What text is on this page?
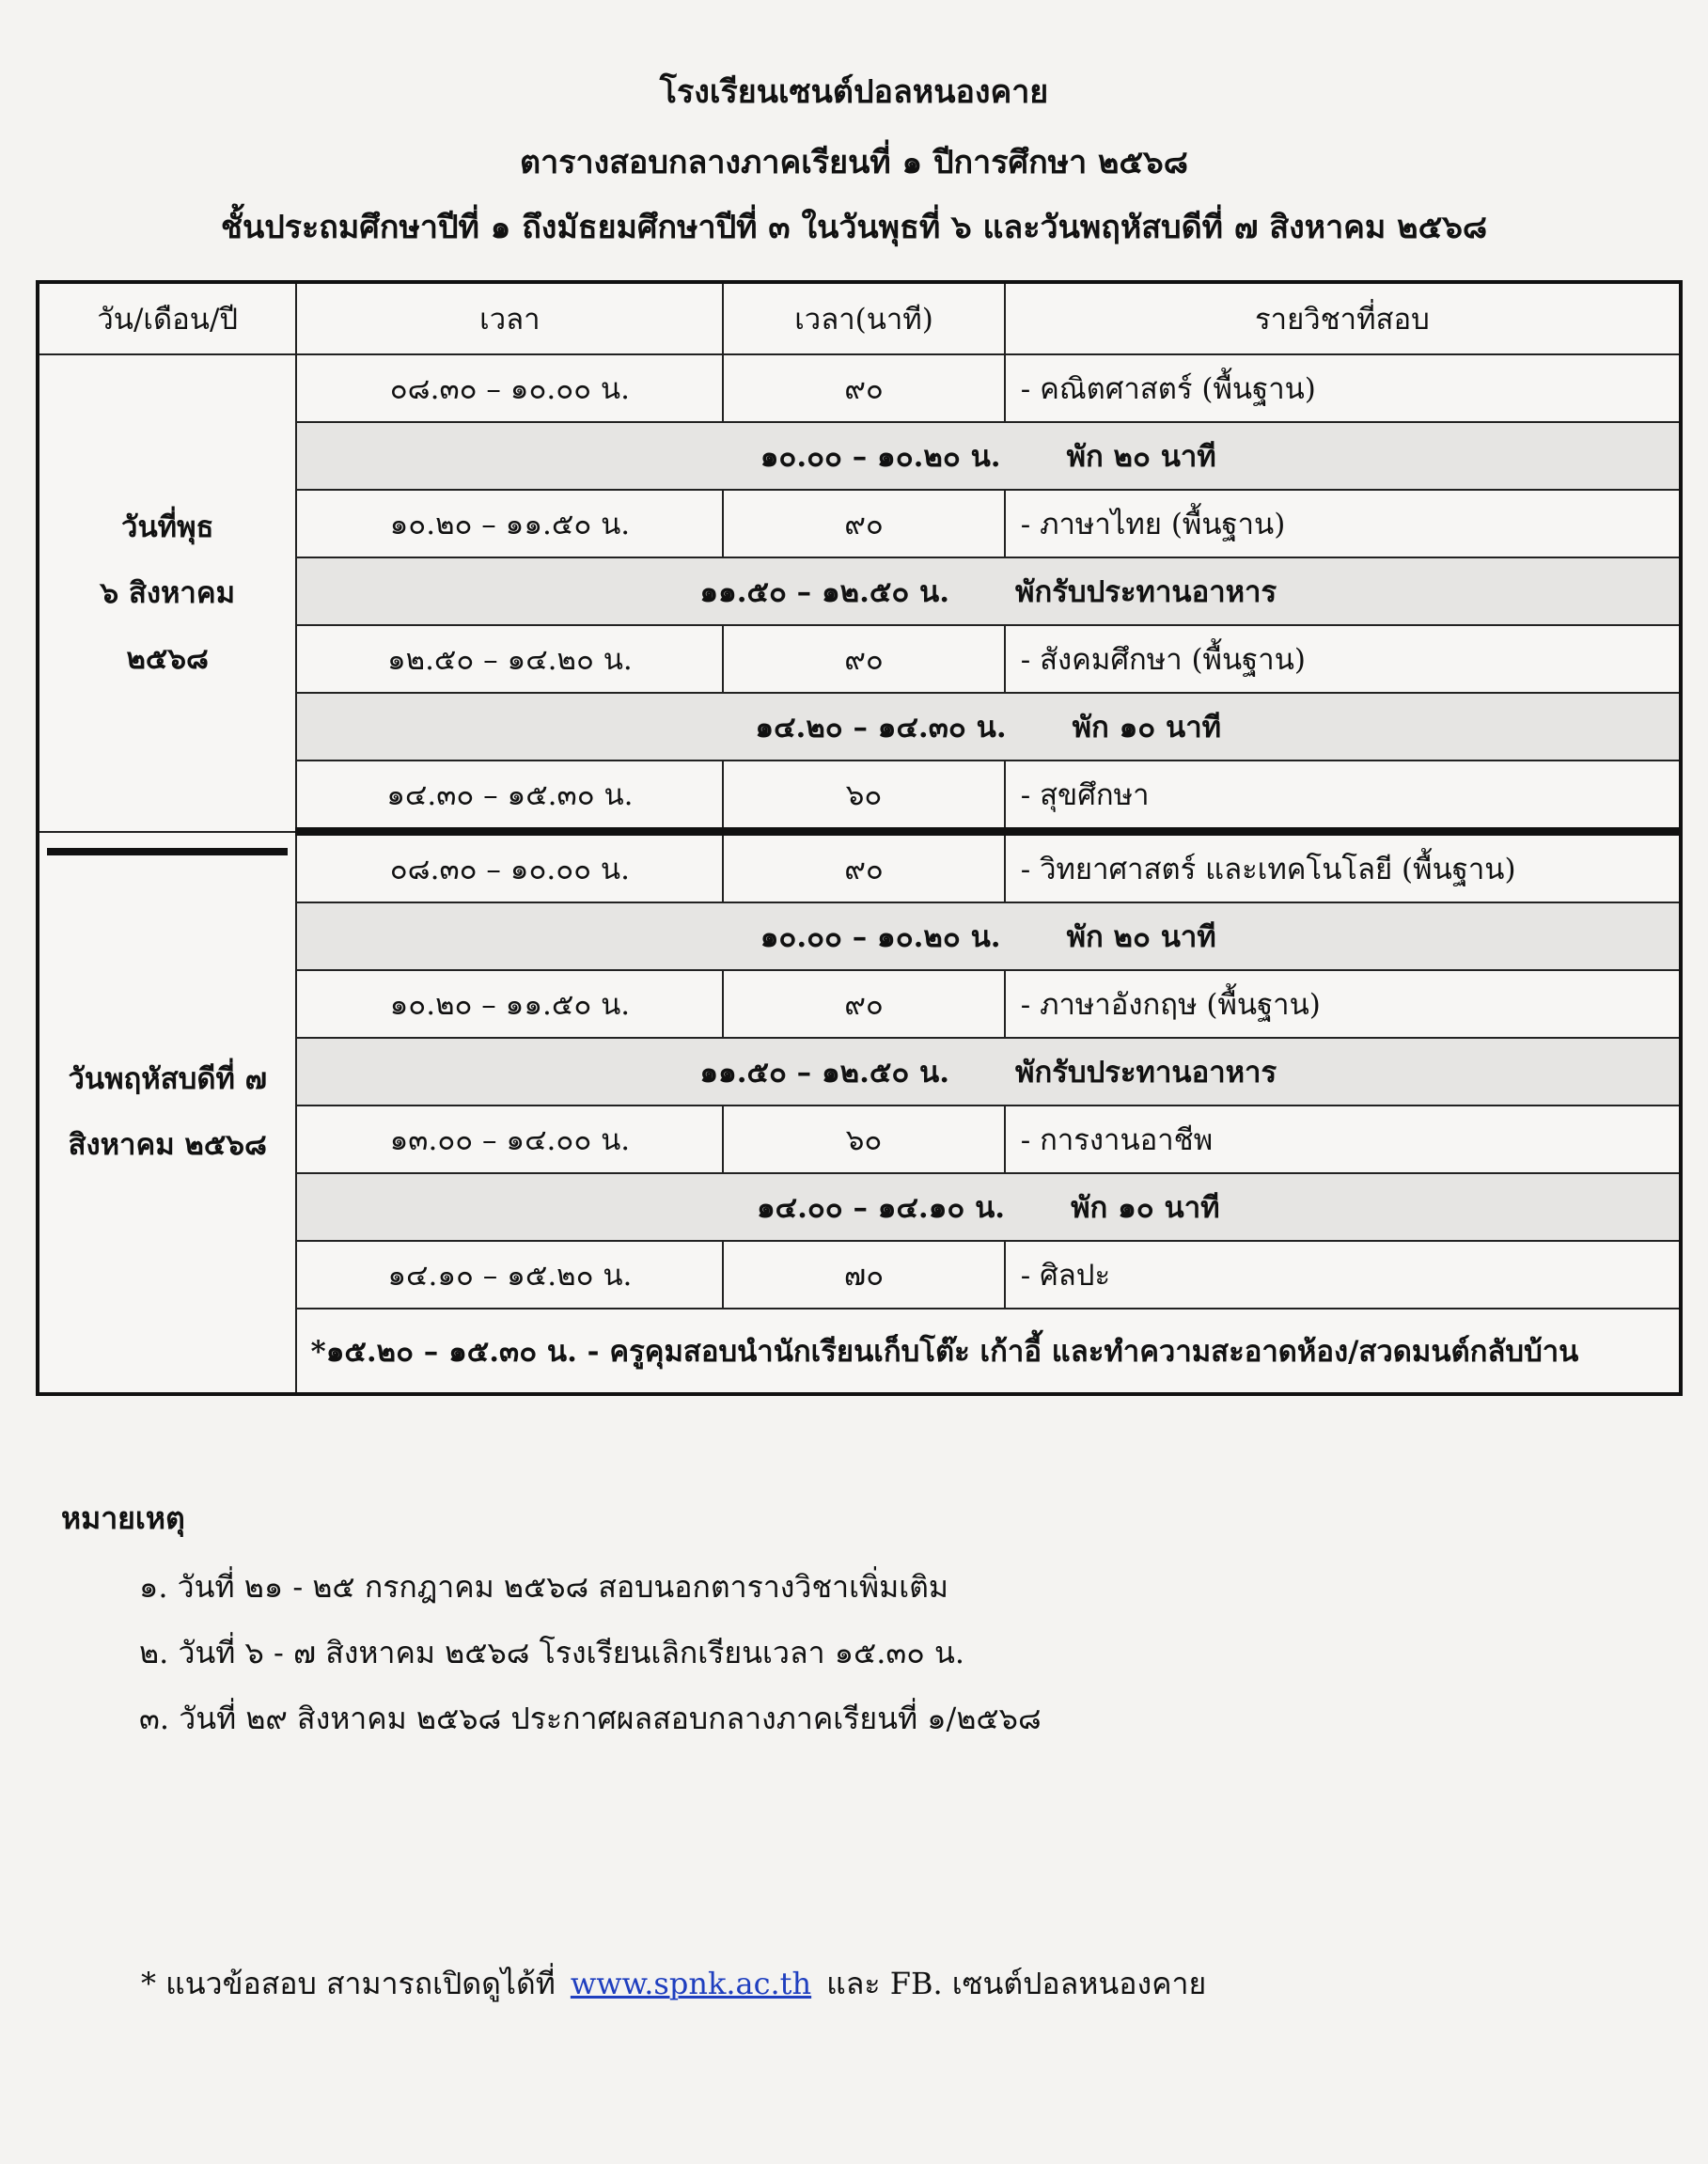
โรงเรียนเซนต์ปอลหนองคาย
ตารางสอบกลางภาคเรียนที่ ๑ ปีการศึกษา ๒๕๖๘
ชั้นประถมศึกษาปีที่ ๑ ถึงมัธยมศึกษาปีที่ ๓ ในวันพุธที่ ๖ และวันพฤหัสบดีที่ ๗ สิงหาคม ๒๕๖๘
วัน/เดือน/ปี	เวลา	เวลา(นาที)	รายวิชาที่สอบ

วันที่พุธ
๖ สิงหาคม
๒๕๖๘	๐๘.๓๐ – ๑๐.๐๐ น.	๙๐	- คณิตศาสตร์ (พื้นฐาน)
	๑๐.๐๐ – ๑๐.๒๐ น. พัก ๒๐ นาที		
	๑๐.๒๐ – ๑๑.๕๐ น.	๙๐	- ภาษาไทย (พื้นฐาน)
	๑๑.๕๐ – ๑๒.๕๐ น. พักรับประทานอาหาร		
	๑๒.๕๐ – ๑๔.๒๐ น.	๙๐	- สังคมศึกษา (พื้นฐาน)
	๑๔.๒๐ – ๑๔.๓๐ น. พัก ๑๐ นาที		
	๑๔.๓๐ – ๑๕.๓๐ น.	๖๐	- สุขศึกษา

วันพฤหัสบดีที่ ๗
สิงหาคม ๒๕๖๘	๐๘.๓๐ – ๑๐.๐๐ น.	๙๐	- วิทยาศาสตร์ และเทคโนโลยี (พื้นฐาน)
	๑๐.๐๐ – ๑๐.๒๐ น. พัก ๒๐ นาที		
	๑๐.๒๐ – ๑๑.๕๐ น.	๙๐	- ภาษาอังกฤษ (พื้นฐาน)
	๑๑.๕๐ – ๑๒.๕๐ น. พักรับประทานอาหาร		
	๑๓.๐๐ – ๑๔.๐๐ น.	๖๐	- การงานอาชีพ
	๑๔.๐๐ – ๑๔.๑๐ น. พัก ๑๐ นาที		
	๑๔.๑๐ – ๑๕.๒๐ น.	๗๐	- ศิลปะ
	*๑๕.๒๐ – ๑๕.๓๐ น. - ครูคุมสอบนำนักเรียนเก็บโต๊ะ เก้าอี้ และทำความสะอาดห้อง/สวดมนต์กลับบ้าน		
หมายเหตุ
๑. วันที่ ๒๑ - ๒๕ กรกฎาคม ๒๕๖๘ สอบนอกตารางวิชาเพิ่มเติม
๒. วันที่ ๖ - ๗ สิงหาคม ๒๕๖๘ โรงเรียนเลิกเรียนเวลา ๑๕.๓๐ น.
๓. วันที่ ๒๙ สิงหาคม ๒๕๖๘ ประกาศผลสอบกลางภาคเรียนที่ ๑/๒๕๖๘
* แนวข้อสอบ สามารถเปิดดูได้ที่ www.spnk.ac.th และ FB. เซนต์ปอลหนองคาย
